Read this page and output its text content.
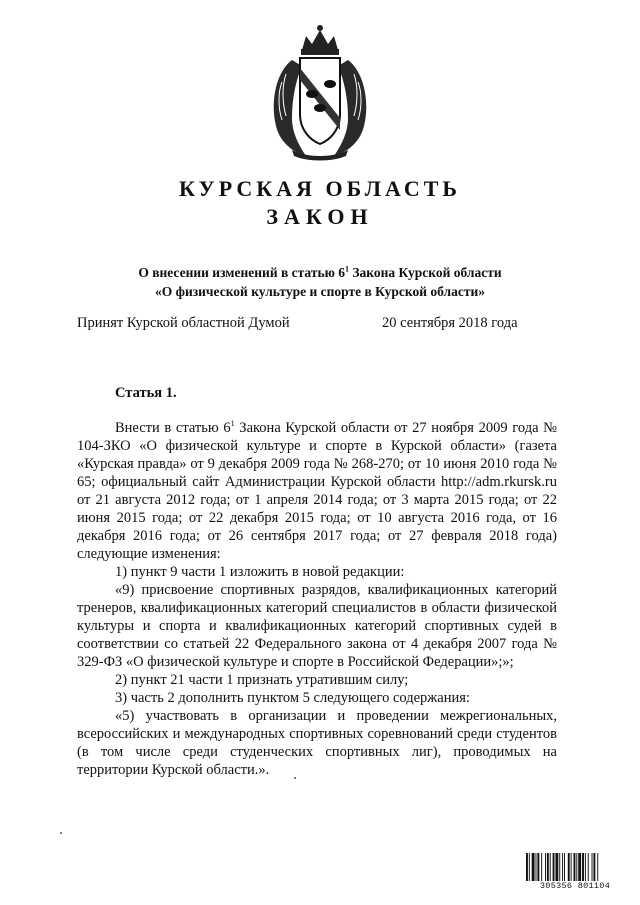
КУРСКАЯ ОБЛАСТЬ
ЗАКОН
О внесении изменений в статью $6^1$ Закона Курской области
«О физической культуре и спорте в Курской области»
Принят Курской областной Думой	20 сентября 2018 года
Статья 1.

Внести в статью $6^1$ Закона Курской области от 27 ноября 2009 года № 104-ЗКО «О физической культуре и спорте в Курской области» (газета «Курская правда» от 9 декабря 2009 года № 268-270; от 10 июня 2010 года № 65; официальный сайт Администрации Курской области http://adm.rkursk.ru от 21 августа 2012 года; от 1 апреля 2014 года; от 3 марта 2015 года; от 22 июня 2015 года; от 22 декабря 2015 года; от 10 августа 2016 года, от 16 декабря 2016 года; от 26 сентября 2017 года; от 27 февраля 2018 года) следующие изменения:

1) пункт 9 части 1 изложить в новой редакции:

«9) присвоение спортивных разрядов, квалификационных категорий тренеров, квалификационных категорий специалистов в области физической культуры и спорта и квалификационных категорий спортивных судей в соответствии со статьей 22 Федерального закона от 4 декабря 2007 года № 329-ФЗ «О физической культуре и спорте в Российской Федерации»;»;

2) пункт 21 части 1 признать утратившим силу;

3) часть 2 дополнить пунктом 5 следующего содержания:

«5) участвовать в организации и проведении межрегиональных, всероссийских и международных спортивных соревнований среди студентов (в том числе среди студенческих спортивных лиг), проводимых на территории Курской области.».

305356 801104
